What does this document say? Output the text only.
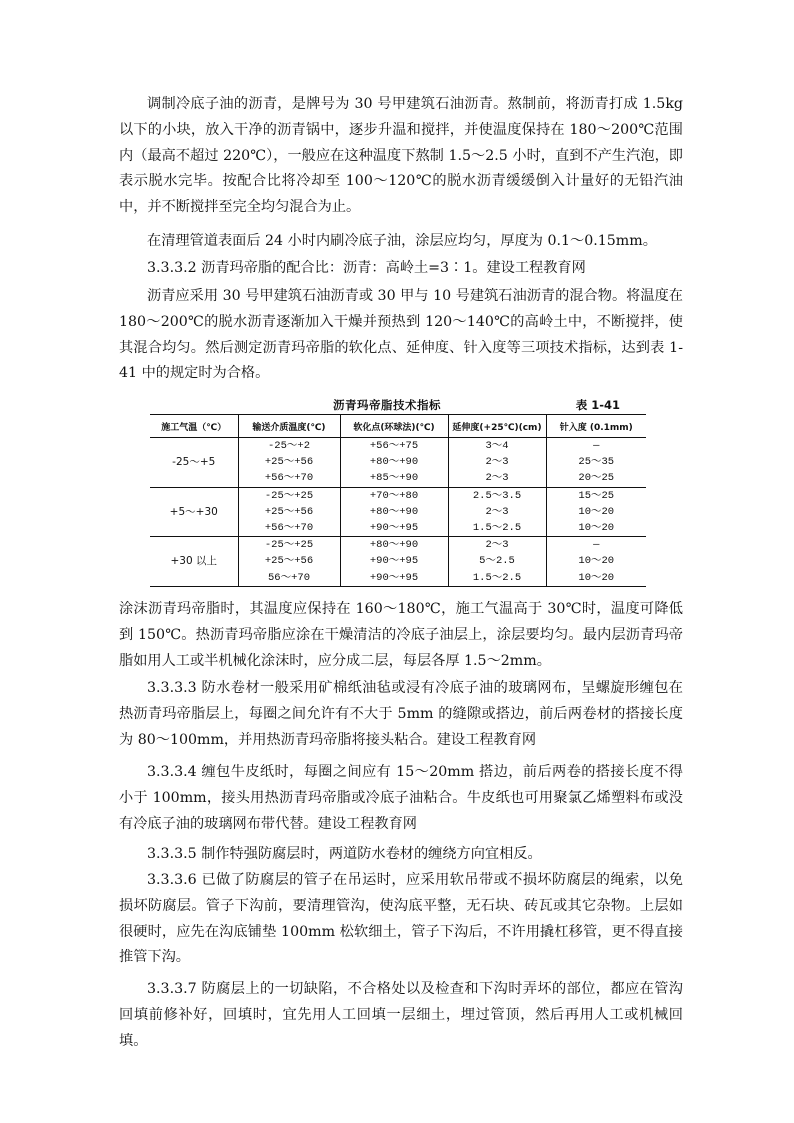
调制冷底子油的沥青，是牌号为 30 号甲建筑石油沥青。熬制前，将沥青打成 1.5kg 以下的小块，放入干净的沥青锅中，逐步升温和搅拌，并使温度保持在 180～200℃范围内（最高不超过 220℃），一般应在这种温度下熬制 1.5～2.5 小时，直到不产生汽泡，即表示脱水完毕。按配合比将冷却至 100～120℃的脱水沥青缓缓倒入计量好的无铅汽油中，并不断搅拌至完全均匀混合为止。

在清理管道表面后 24 小时内刷冷底子油，涂层应均匀，厚度为 0.1～0.15mm。

3.3.3.2 沥青玛帝脂的配合比：沥青：高岭土=3∶1。建设工程教育网

沥青应采用 30 号甲建筑石油沥青或 30 甲与 10 号建筑石油沥青的混合物。将温度在 180～200℃的脱水沥青逐渐加入干燥并预热到 120～140℃的高岭土中，不断搅拌，使其混合均匀。然后测定沥青玛帝脂的软化点、延伸度、针入度等三项技术指标，达到表 1-41 中的规定时为合格。

沥青玛帝脂技术指标	表 1-41
施工气温（℃）	输送介质温度(℃)	软化点(环球法)(℃)	延伸度(+25℃)(cm)	针入度 (0.1mm)
-25～+5	-25～+2	+56～+75	3～4	—
	+25～+56	+80～+90	2～3	25～35
	+56～+70	+85～+90	2～3	20～25
+5～+30	-25～+25	+70～+80	2.5～3.5	15～25
	+25～+56	+80～+90	2～3	10～20
	+56～+70	+90～+95	1.5～2.5	10～20
+30 以上	-25～+25	+80～+90	2～3	—
	+25～+56	+90～+95	5～2.5	10～20
	56～+70	+90～+95	1.5～2.5	10～20

涂沫沥青玛帝脂时，其温度应保持在 160～180℃，施工气温高于 30℃时，温度可降低到 150℃。热沥青玛帝脂应涂在干燥清洁的冷底子油层上，涂层要均匀。最内层沥青玛帝脂如用人工或半机械化涂沫时，应分成二层，每层各厚 1.5～2mm。

3.3.3.3 防水卷材一般采用矿棉纸油毡或浸有冷底子油的玻璃网布，呈螺旋形缠包在热沥青玛帝脂层上，每圈之间允许有不大于 5mm 的缝隙或搭边，前后两卷材的搭接长度为 80～100mm，并用热沥青玛帝脂将接头粘合。建设工程教育网

3.3.3.4 缠包牛皮纸时，每圈之间应有 15～20mm 搭边，前后两卷的搭接长度不得小于 100mm，接头用热沥青玛帝脂或冷底子油粘合。牛皮纸也可用聚氯乙烯塑料布或没有冷底子油的玻璃网布带代替。建设工程教育网

3.3.3.5 制作特强防腐层时，两道防水卷材的缠绕方向宜相反。

3.3.3.6 已做了防腐层的管子在吊运时，应采用软吊带或不损坏防腐层的绳索，以免损坏防腐层。管子下沟前，要清理管沟，使沟底平整，无石块、砖瓦或其它杂物。上层如很硬时，应先在沟底铺垫 100mm 松软细土，管子下沟后，不许用撬杠移管，更不得直接推管下沟。

3.3.3.7 防腐层上的一切缺陷，不合格处以及检查和下沟时弄坏的部位，都应在管沟回填前修补好，回填时，宜先用人工回填一层细土，埋过管顶，然后再用人工或机械回填。
